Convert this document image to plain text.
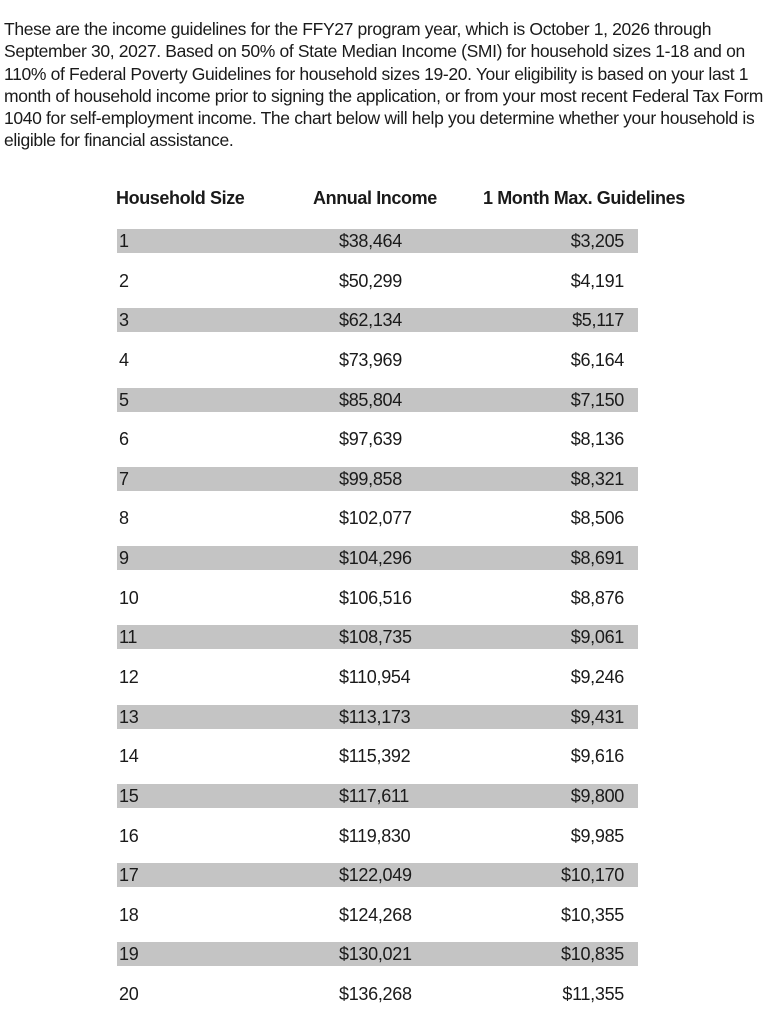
These are the income guidelines for the FFY27 program year, which is October 1, 2026 through September 30, 2027. Based on 50% of State Median Income (SMI) for household sizes 1-18 and on 110% of Federal Poverty Guidelines for household sizes 19-20. Your eligibility is based on your last 1 month of household income prior to signing the application, or from your most recent Federal Tax Form 1040 for self-employment income. The chart below will help you determine whether your household is eligible for financial assistance.

Household Size	Annual Income	1 Month Max. Guidelines
1	$38,464	$3,205
2	$50,299	$4,191
3	$62,134	$5,117
4	$73,969	$6,164
5	$85,804	$7,150
6	$97,639	$8,136
7	$99,858	$8,321
8	$102,077	$8,506
9	$104,296	$8,691
10	$106,516	$8,876
11	$108,735	$9,061
12	$110,954	$9,246
13	$113,173	$9,431
14	$115,392	$9,616
15	$117,611	$9,800
16	$119,830	$9,985
17	$122,049	$10,170
18	$124,268	$10,355
19	$130,021	$10,835
20	$136,268	$11,355
